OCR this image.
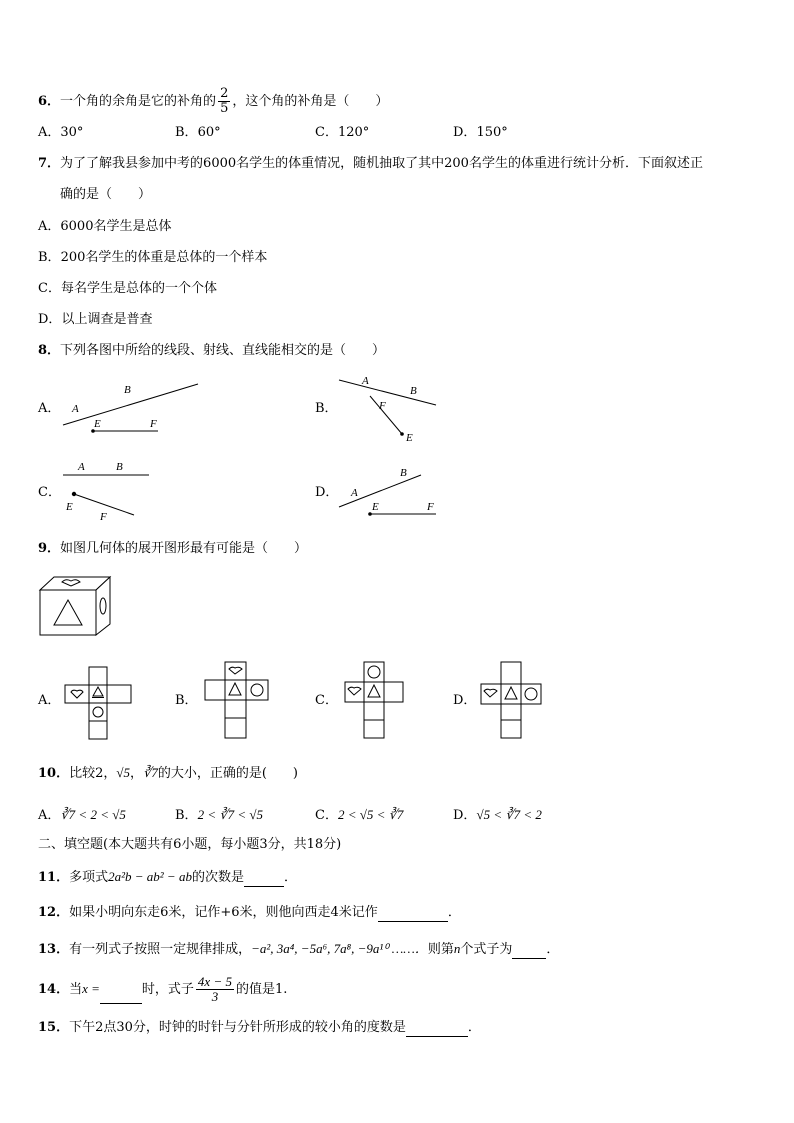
6．一个角的余角是它的补角的 $\frac{2}{5}$ ，这个角的补角是（　　）
A．30°	B．60°	C．120°	D．150°
7．为了了解我县参加中考的6000名学生的体重情况，随机抽取了其中200名学生的体重进行统计分析．下面叙述正
确的是（　　）
A．6000名学生是总体
B．200名学生的体重是总体的一个样本
C．每名学生是总体的一个个体
D．以上调查是普查
8．下列各图中所给的线段、射线、直线能相交的是（　　）
A．	B．
C．	D．
A
B
E	F
A
B
F
E
A	B
E
F
A
B
E	F
9．如图几何体的展开图形最有可能是（　　）
A．	B．	C．	D．
10．比较2，√5，∛7的大小，正确的是(　　)
A．∛7 < 2 < √5	B．2 < ∛7 < √5	C．2 < √5 < ∛7	D．√5 < ∛7 < 2
二、填空题(本大题共有6小题，每小题3分，共18分)
11．多项式2a²b − ab² − ab的次数是	．
12．如果小明向东走6米，记作+6米，则他向西走4米记作	．
13．有一列式子按照一定规律排成，−a², 3a⁴, −5a⁶, 7a⁸, −9a¹⁰ ……．则第n个式子为	．
14．当x =	时，式子 $\frac{4x - 5}{3}$ 的值是1.
15．下午2点30分，时钟的时针与分针所形成的较小角的度数是	．
